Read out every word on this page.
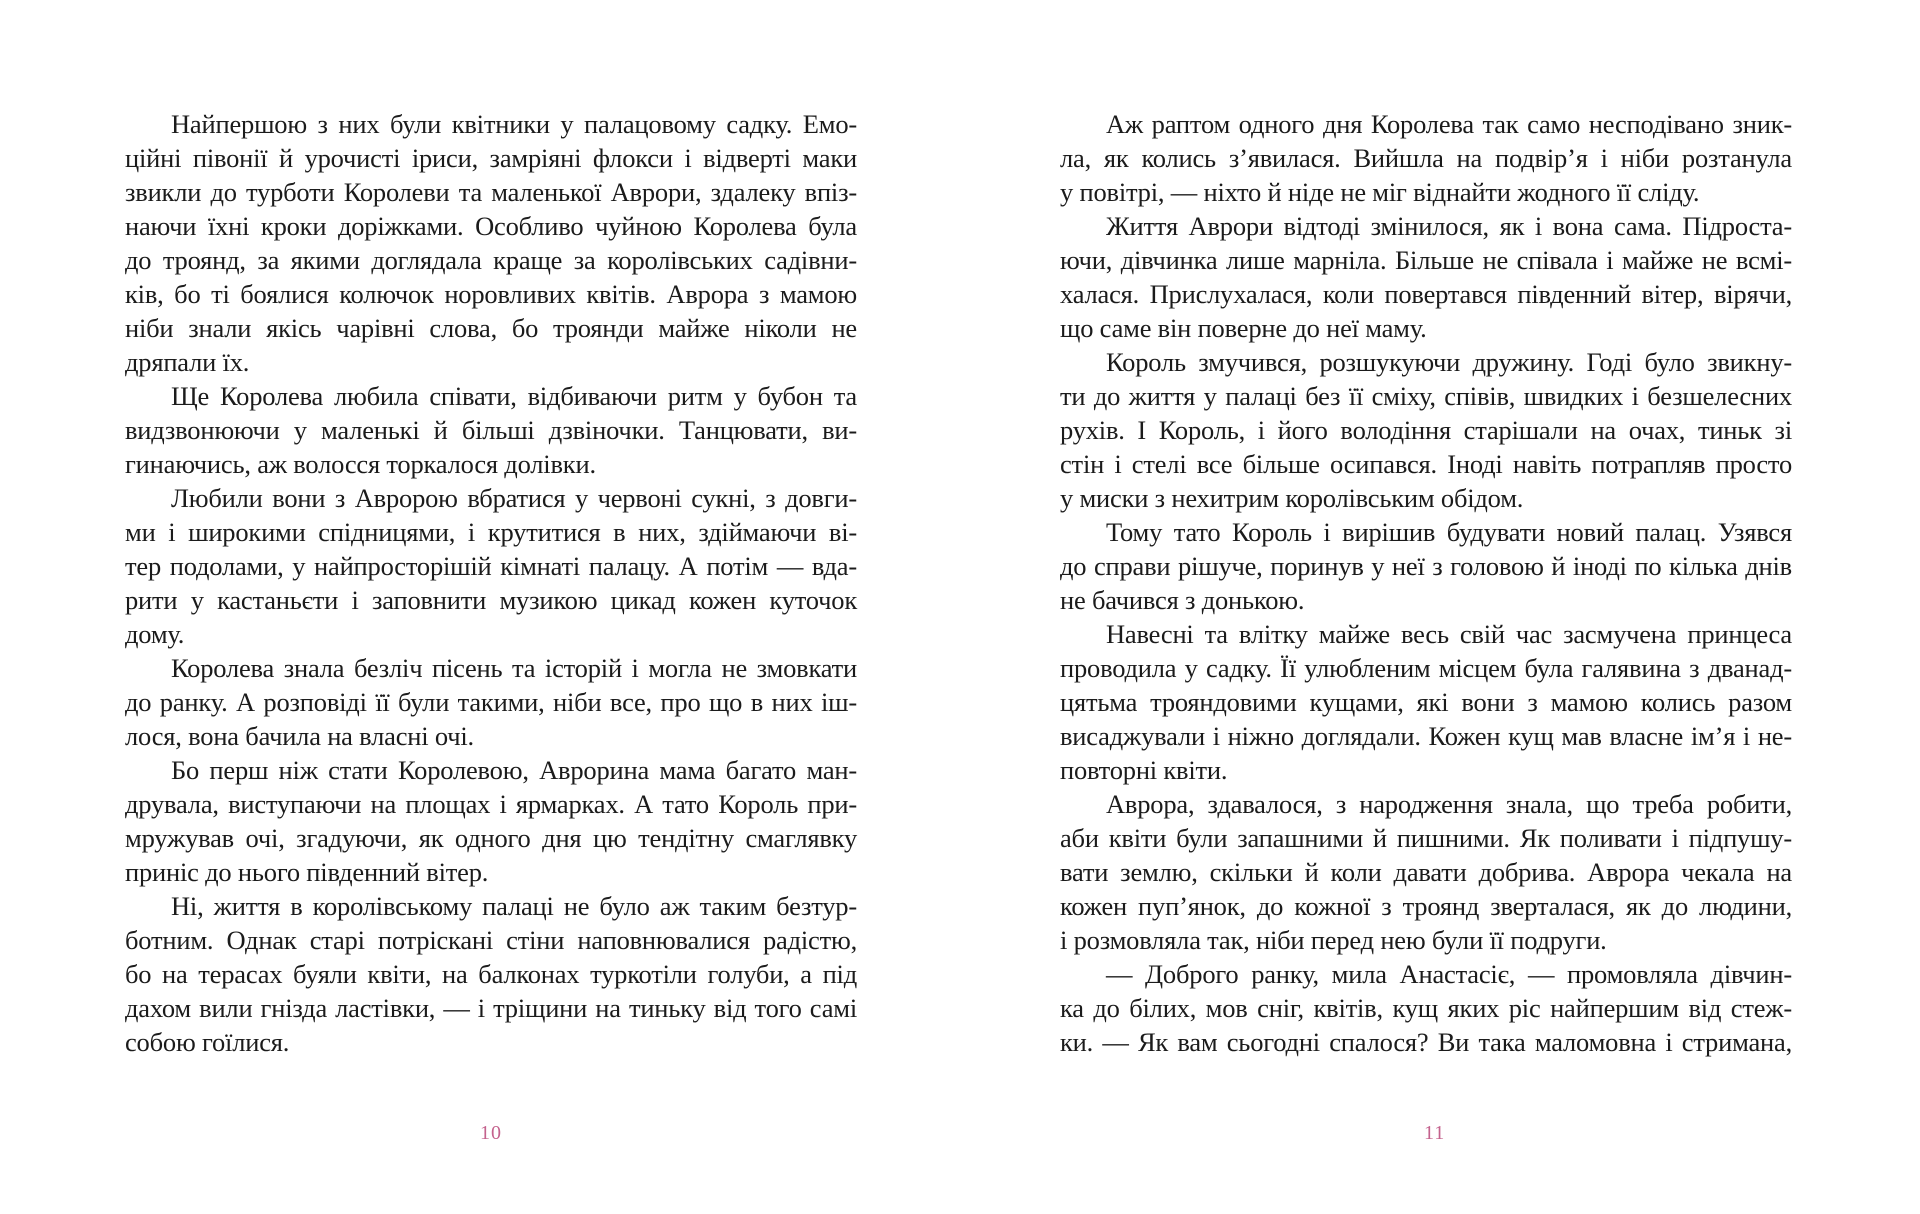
Найпершою з них були квітники у палацовому садку. Емо-
ційні півонії й урочисті іриси, замріяні флокси і відверті маки
звикли до турботи Королеви та маленької Аврори, здалеку впіз-
наючи їхні кроки доріжками. Особливо чуйною Королева була
до троянд, за якими доглядала краще за королівських садівни-
ків, бо ті боялися колючок норовливих квітів. Аврора з мамою
ніби знали якісь чарівні слова, бо троянди майже ніколи не
дряпали їх.
Ще Королева любила співати, відбиваючи ритм у бубон та
видзвонюючи у маленькі й більші дзвіночки. Танцювати, ви-
гинаючись, аж волосся торкалося долівки.
Любили вони з Авророю вбратися у червоні сукні, з довги-
ми і широкими спідницями, і крутитися в них, здіймаючи ві-
тер подолами, у найпросторішій кімнаті палацу. А потім — вда-
рити у кастаньєти і заповнити музикою цикад кожен куточок
дому.
Королева знала безліч пісень та історій і могла не змовкати
до ранку. А розповіді її були такими, ніби все, про що в них іш-
лося, вона бачила на власні очі.
Бо перш ніж стати Королевою, Аврорина мама багато ман-
друвала, виступаючи на площах і ярмарках. А тато Король при-
мружував очі, згадуючи, як одного дня цю тендітну смаглявку
приніс до нього південний вітер.
Ні, життя в королівському палаці не було аж таким безтур-
ботним. Однак старі потріскані стіни наповнювалися радістю,
бо на терасах буяли квіти, на балконах туркотіли голуби, а під
дахом вили гнізда ластівки, — і тріщини на тиньку від того самі
собою гоїлися.
10
Аж раптом одного дня Королева так само несподівано зник-
ла, як колись з’явилася. Вийшла на подвір’я і ніби розтанула
у повітрі, — ніхто й ніде не міг віднайти жодного її сліду.
Життя Аврори відтоді змінилося, як і вона сама. Підроста-
ючи, дівчинка лише марніла. Більше не співала і майже не всмі-
халася. Прислухалася, коли повертався південний вітер, вірячи,
що саме він поверне до неї маму.
Король змучився, розшукуючи дружину. Годі було звикну-
ти до життя у палаці без її сміху, співів, швидких і безшелесних
рухів. І Король, і його володіння старішали на очах, тиньк зі
стін і стелі все більше осипався. Іноді навіть потрапляв просто
у миски з нехитрим королівським обідом.
Тому тато Король і вирішив будувати новий палац. Узявся
до справи рішуче, поринув у неї з головою й іноді по кілька днів
не бачився з донькою.
Навесні та влітку майже весь свій час засмучена принцеса
проводила у садку. Її улюбленим місцем була галявина з дванад-
цятьма трояндовими кущами, які вони з мамою колись разом
висаджували і ніжно доглядали. Кожен кущ мав власне ім’я і не-
повторні квіти.
Аврора, здавалося, з народження знала, що треба робити,
аби квіти були запашними й пишними. Як поливати і підпушу-
вати землю, скільки й коли давати добрива. Аврора чекала на
кожен пуп’янок, до кожної з троянд зверталася, як до людини,
і розмовляла так, ніби перед нею були її подруги.
— Доброго ранку, мила Анастасіє, — промовляла дівчин-
ка до білих, мов сніг, квітів, кущ яких ріс найпершим від стеж-
ки. — Як вам сьогодні спалося? Ви така маломовна і стримана,
11
